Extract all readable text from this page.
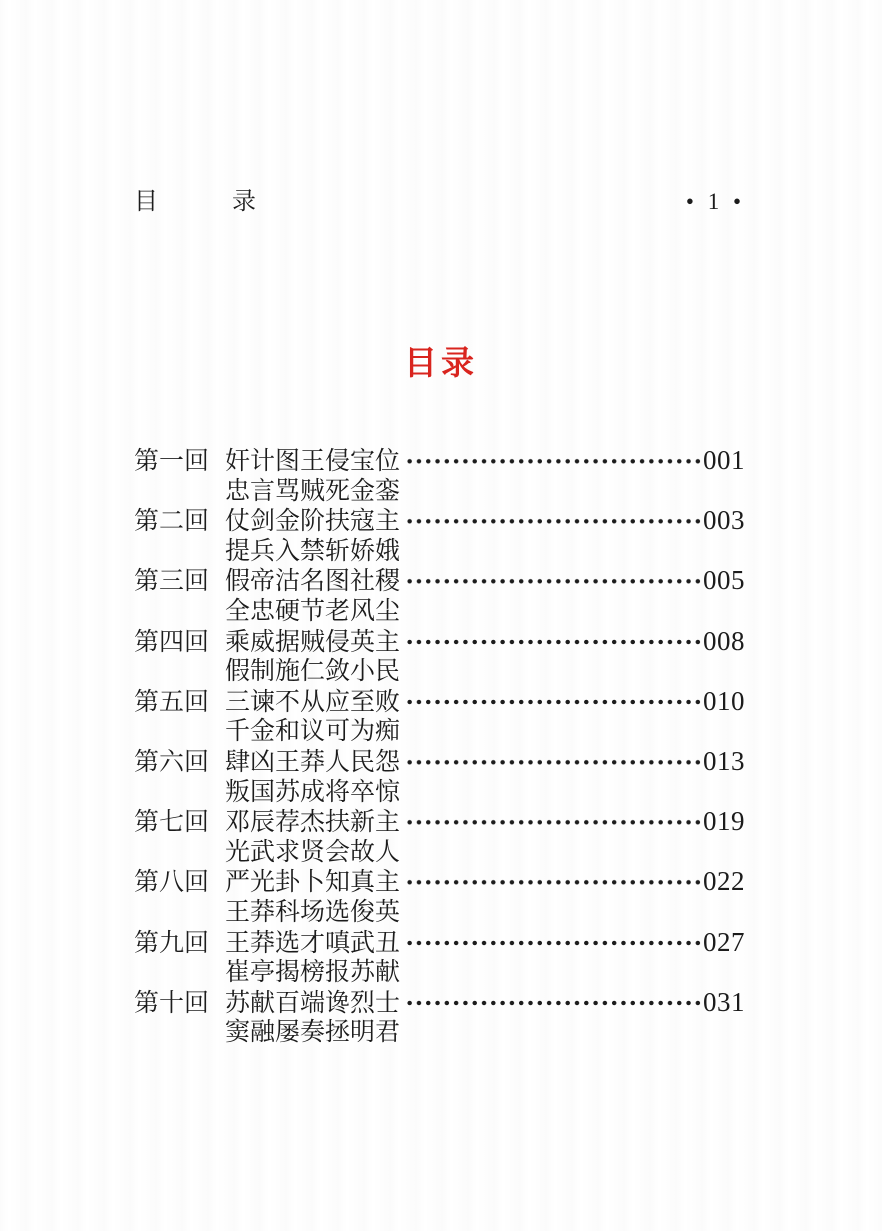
目　　　录	• 1 •
目录
第一回 奸计图王侵宝位	001
忠言骂贼死金銮
第二回 仗剑金阶扶寇主	003
提兵入禁斩娇娥
第三回 假帝沽名图社稷	005
全忠硬节老风尘
第四回 乘威据贼侵英主	008
假制施仁敛小民
第五回 三谏不从应至败	010
千金和议可为痴
第六回 肆凶王莽人民怨	013
叛国苏成将卒惊
第七回 邓辰荐杰扶新主	019
光武求贤会故人
第八回 严光卦卜知真主	022
王莽科场选俊英
第九回 王莽选才嗔武丑	027
崔亭揭榜报苏献
第十回 苏献百端谗烈士	031
窦融屡奏拯明君
